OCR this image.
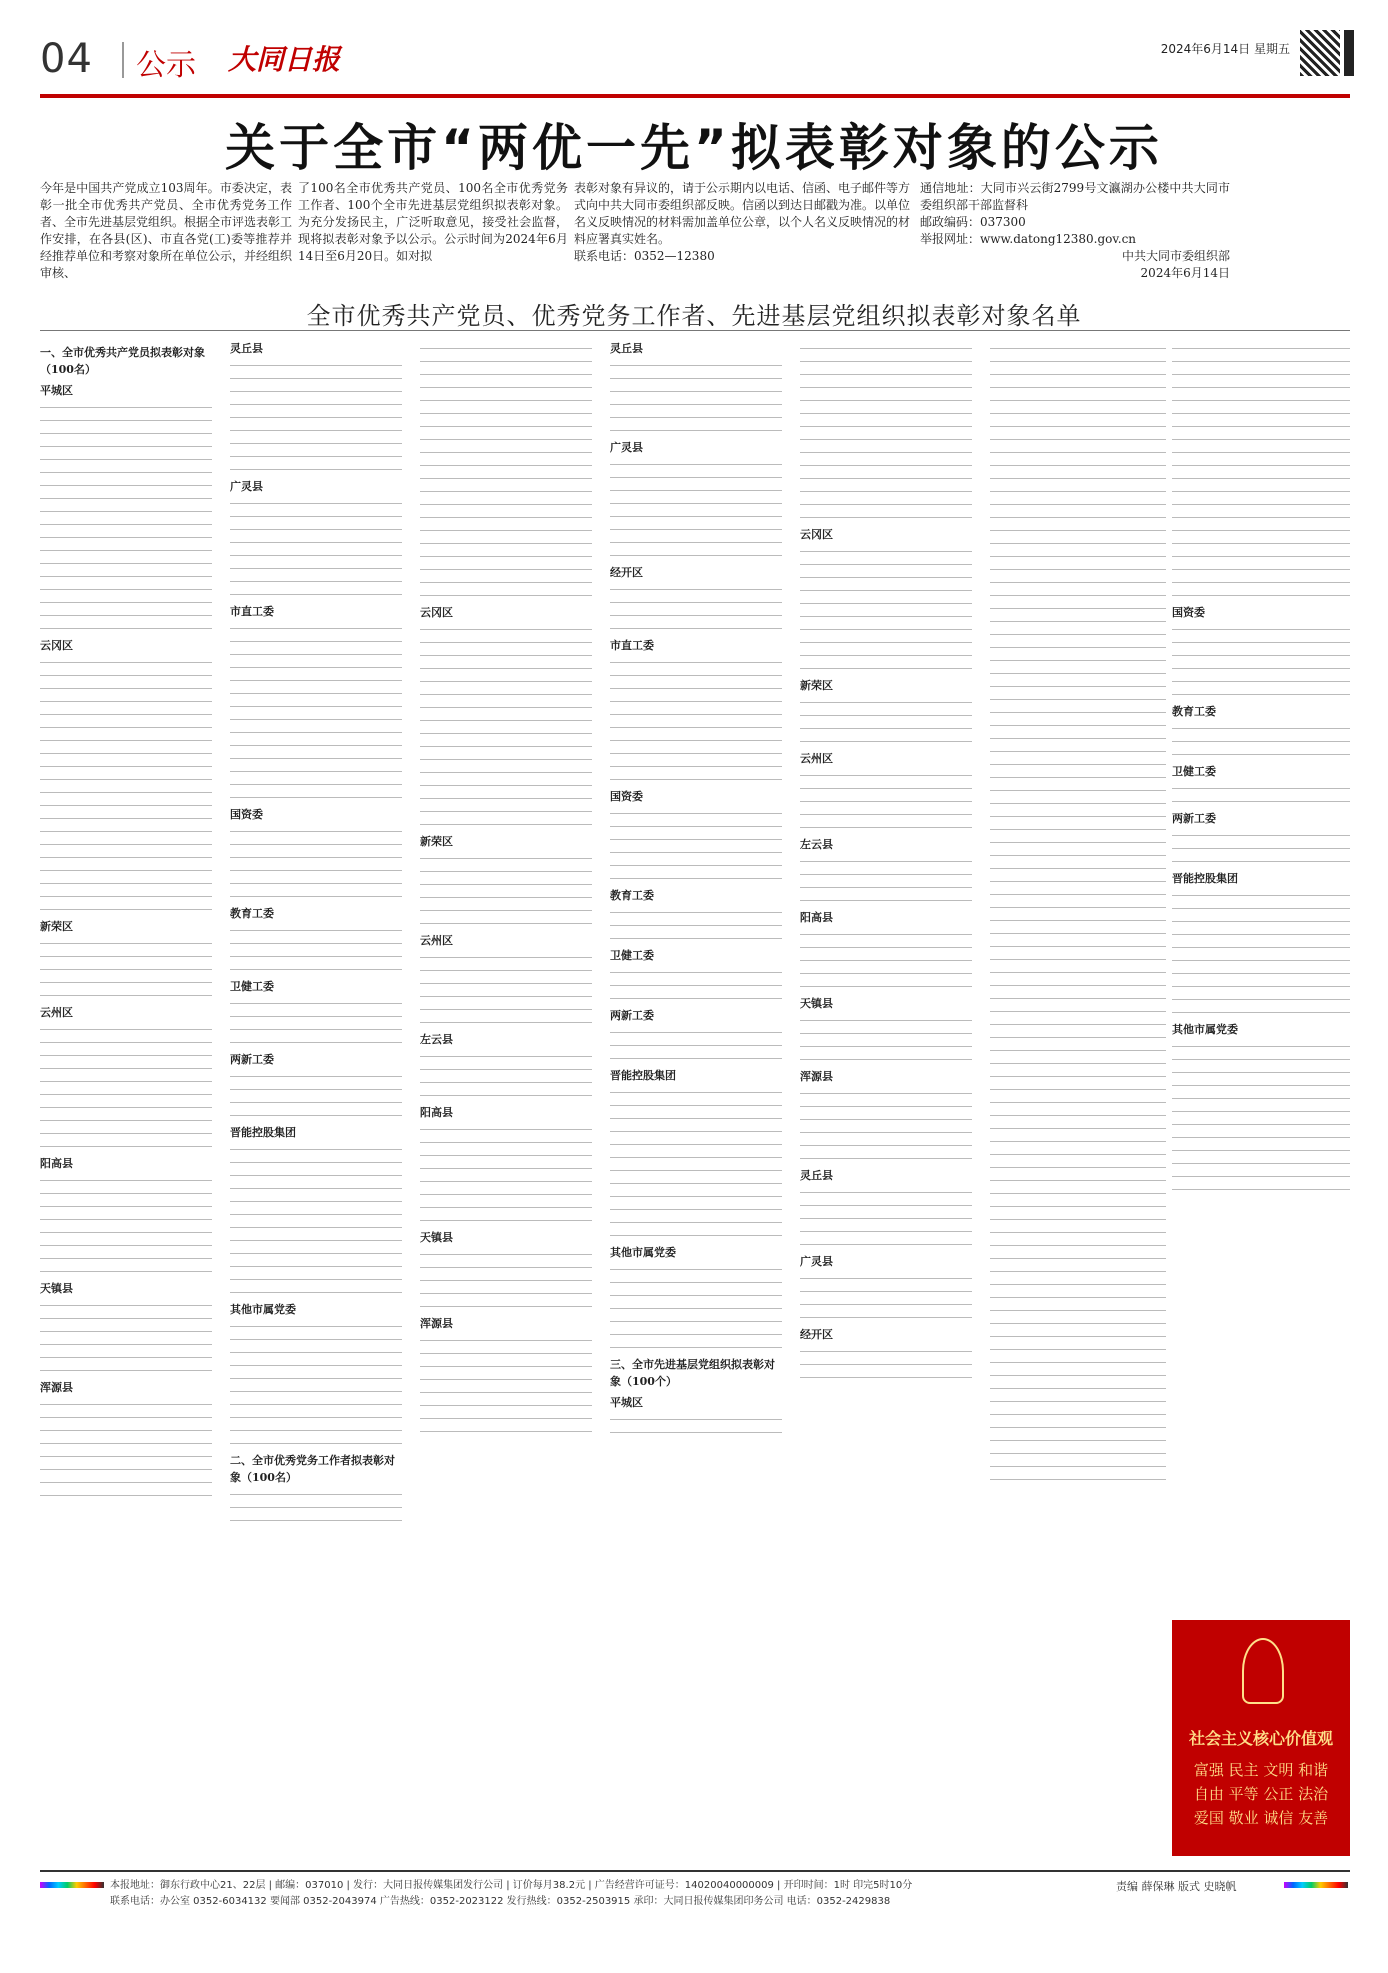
04 公示 大同日报	2024年6月14日 星期五
关于全市“两优一先”拟表彰对象的公示
今年是中国共产党成立103周年。市委决定，表彰一批全市优秀共产党员、全市优秀党务工作者、全市先进基层党组织。根据全市评选表彰工作安排，在各县(区)、市直各党(工)委等推荐并经推荐单位和考察对象所在单位公示，并经组织审核、
了100名全市优秀共产党员、100名全市优秀党务工作者、100个全市先进基层党组织拟表彰对象。为充分发扬民主，广泛听取意见，接受社会监督，现将拟表彰对象予以公示。公示时间为2024年6月14日至6月20日。如对拟
表彰对象有异议的，请于公示期内以电话、信函、电子邮件等方式向中共大同市委组织部反映。信函以到达日邮戳为准。以单位名义反映情况的材料需加盖单位公章，以个人名义反映情况的材料应署真实姓名。
联系电话：0352—12380
通信地址：大同市兴云街2799号文瀛湖办公楼中共大同市委组织部干部监督科
邮政编码：037300
举报网址：www.datong12380.gov.cn
中共大同市委组织部
2024年6月14日
全市优秀共产党员、优秀党务工作者、先进基层党组织拟表彰对象名单
一、全市优秀共产党员拟表彰对象（100名）
平城区
云冈区
新荣区
云州区
阳高县
天镇县
浑源县
灵丘县
广灵县
市直工委
国资委
教育工委
卫健工委
两新工委
晋能控股集团
其他市属党委
二、全市优秀党务工作者拟表彰对象（100名）
云冈区
新荣区
云州区
左云县
阳高县
天镇县
浑源县
灵丘县
广灵县
经开区
市直工委
国资委
教育工委
卫健工委
两新工委
晋能控股集团
其他市属党委
三、全市先进基层党组织拟表彰对象（100个）
平城区
云冈区
新荣区
云州区
左云县
阳高县
天镇县
浑源县
灵丘县
广灵县
经开区
国资委
教育工委
卫健工委
两新工委
晋能控股集团
其他市属党委
社会主义核心价值观
富强 民主 文明 和谐
自由 平等 公正 法治
爱国 敬业 诚信 友善
本报地址：御东行政中心21、22层 | 邮编：037010 | 发行：大同日报传媒集团发行公司 | 订价每月38.2元 | 广告经营许可证号：14020040000009 | 开印时间：1时 印完5时10分
联系电话：办公室 0352-6034132 要闻部 0352-2043974 广告热线：0352-2023122 发行热线：0352-2503915 承印：大同日报传媒集团印务公司 电话：0352-2429838
责编 薛保琳 版式 史晓帆
